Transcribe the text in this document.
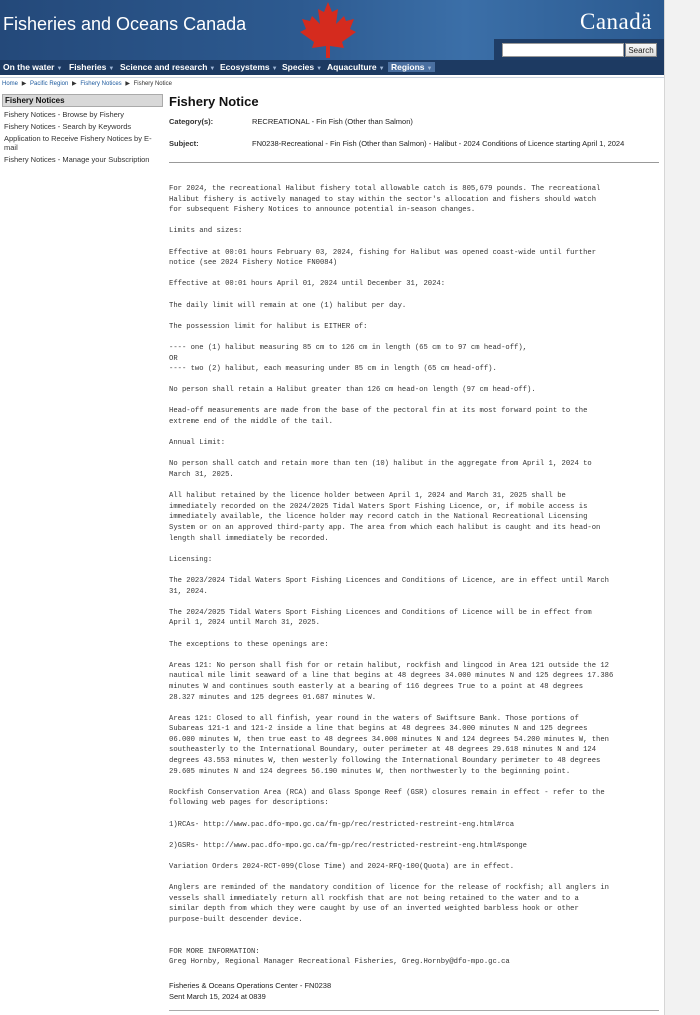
Fisheries and Oceans Canada	Canadä
Search
On the water ▼ Fisheries ▼ Science and research ▼ Ecosystems ▼ Species ▼ Aquaculture ▼ Regions ▼
Home ▶ Pacific Region ▶ Fishery Notices ▶ Fishery Notice
Fishery Notices
Fishery Notices - Browse by Fishery
Fishery Notices - Search by Keywords
Application to Receive Fishery Notices by E-mail
Fishery Notices - Manage your Subscription
Fishery Notice
Category(s):	RECREATIONAL - Fin Fish (Other than Salmon)
Subject:	FN0238-Recreational - Fin Fish (Other than Salmon) - Halibut - 2024 Conditions of Licence starting April 1, 2024
For 2024, the recreational Halibut fishery total allowable catch is 805,679 pounds. The recreational
Halibut fishery is actively managed to stay within the sector's allocation and fishers should watch
for subsequent Fishery Notices to announce potential in-season changes.

Limits and sizes:

Effective at 00:01 hours February 03, 2024, fishing for Halibut was opened coast-wide until further
notice (see 2024 Fishery Notice FN0084)

Effective at 00:01 hours April 01, 2024 until December 31, 2024:

The daily limit will remain at one (1) halibut per day.

The possession limit for halibut is EITHER of:

---- one (1) halibut measuring 85 cm to 126 cm in length (65 cm to 97 cm head-off),
OR
---- two (2) halibut, each measuring under 85 cm in length (65 cm head-off).

No person shall retain a Halibut greater than 126 cm head-on length (97 cm head-off).

Head-off measurements are made from the base of the pectoral fin at its most forward point to the
extreme end of the middle of the tail.

Annual Limit:

No person shall catch and retain more than ten (10) halibut in the aggregate from April 1, 2024 to
March 31, 2025.

All halibut retained by the licence holder between April 1, 2024 and March 31, 2025 shall be
immediately recorded on the 2024/2025 Tidal Waters Sport Fishing Licence, or, if mobile access is
immediately available, the licence holder may record catch in the National Recreational Licensing
System or on an approved third-party app. The area from which each halibut is caught and its head-on
length shall immediately be recorded.

Licensing:

The 2023/2024 Tidal Waters Sport Fishing Licences and Conditions of Licence, are in effect until March
31, 2024.

The 2024/2025 Tidal Waters Sport Fishing Licences and Conditions of Licence will be in effect from
April 1, 2024 until March 31, 2025.

The exceptions to these openings are:

Areas 121: No person shall fish for or retain halibut, rockfish and lingcod in Area 121 outside the 12
nautical mile limit seaward of a line that begins at 48 degrees 34.000 minutes N and 125 degrees 17.386
minutes W and continues south easterly at a bearing of 116 degrees True to a point at 48 degrees
28.327 minutes and 125 degrees 01.687 minutes W.

Areas 121: Closed to all finfish, year round in the waters of Swiftsure Bank. Those portions of
Subareas 121-1 and 121-2 inside a line that begins at 48 degrees 34.000 minutes N and 125 degrees
06.000 minutes W, then true east to 48 degrees 34.000 minutes N and 124 degrees 54.200 minutes W, then
southeasterly to the International Boundary, outer perimeter at 48 degrees 29.618 minutes N and 124
degrees 43.553 minutes W, then westerly following the International Boundary perimeter to 48 degrees
29.605 minutes N and 124 degrees 56.190 minutes W, then northwesterly to the beginning point.

Rockfish Conservation Area (RCA) and Glass Sponge Reef (GSR) closures remain in effect - refer to the
following web pages for descriptions:

1)RCAs- http://www.pac.dfo-mpo.gc.ca/fm-gp/rec/restricted-restreint-eng.html#rca

2)GSRs- http://www.pac.dfo-mpo.gc.ca/fm-gp/rec/restricted-restreint-eng.html#sponge

Variation Orders 2024-RCT-099(Close Time) and 2024-RFQ-100(Quota) are in effect.

Anglers are reminded of the mandatory condition of licence for the release of rockfish; all anglers in
vessels shall immediately return all rockfish that are not being retained to the water and to a
similar depth from which they were caught by use of an inverted weighted barbless hook or other
purpose-built descender device.

FOR MORE INFORMATION:
Greg Hornby, Regional Manager Recreational Fisheries, Greg.Hornby@dfo-mpo.gc.ca
Fisheries & Oceans Operations Center - FN0238
Sent March 15, 2024 at 0839
